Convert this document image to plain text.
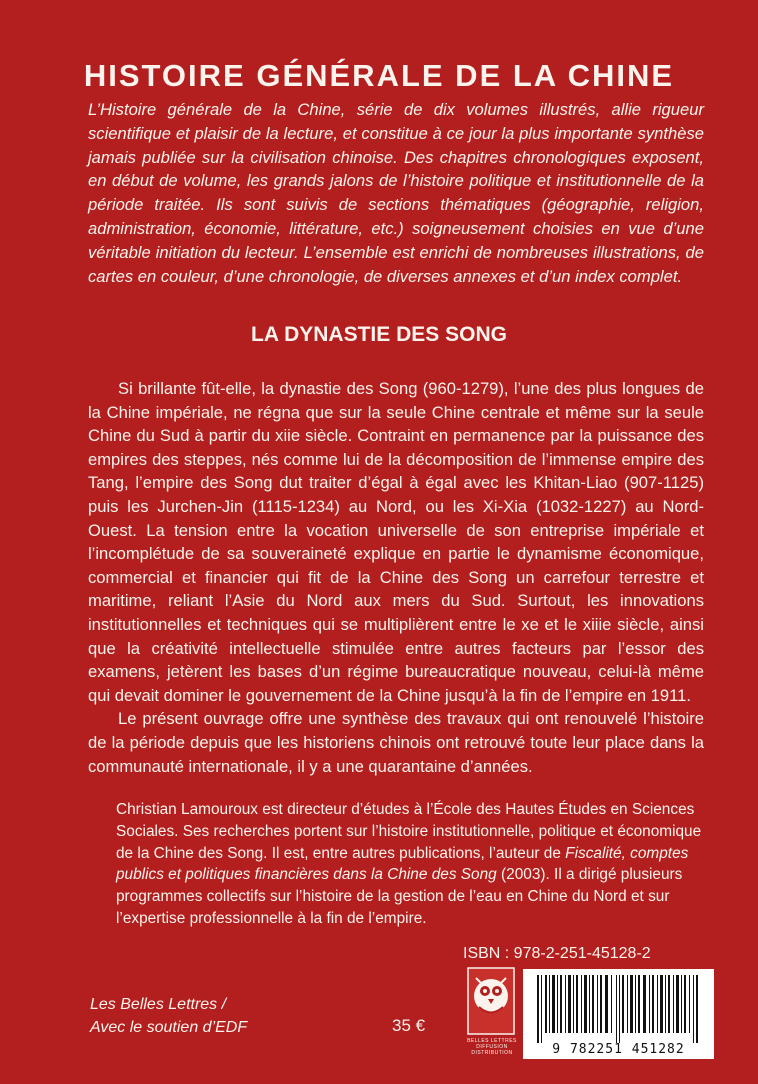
HISTOIRE GÉNÉRALE DE LA CHINE
L’Histoire générale de la Chine, série de dix volumes illustrés, allie rigueur scientifique et plaisir de la lecture, et constitue à ce jour la plus importante synthèse jamais publiée sur la civilisation chinoise. Des chapitres chronologiques exposent, en début de volume, les grands jalons de l’histoire politique et institutionnelle de la période traitée. Ils sont suivis de sections thématiques (géographie, religion, administration, économie, littérature, etc.) soigneusement choisies en vue d’une véritable initiation du lecteur. L’ensemble est enrichi de nombreuses illustrations, de cartes en couleur, d’une chronologie, de diverses annexes et d’un index complet.
LA DYNASTIE DES SONG

Si brillante fût-elle, la dynastie des Song (960-1279), l’une des plus longues de la Chine impériale, ne régna que sur la seule Chine centrale et même sur la seule Chine du Sud à partir du xiie siècle. Contraint en permanence par la puissance des empires des steppes, nés comme lui de la décomposition de l’immense empire des Tang, l’empire des Song dut traiter d’égal à égal avec les Khitan-Liao (907-1125) puis les Jurchen-Jin (1115-1234) au Nord, ou les Xi-Xia (1032-1227) au Nord-Ouest. La tension entre la vocation universelle de son entreprise impériale et l’incomplétude de sa souveraineté explique en partie le dynamisme économique, commercial et financier qui fit de la Chine des Song un carrefour terrestre et maritime, reliant l’Asie du Nord aux mers du Sud. Surtout, les innovations institutionnelles et techniques qui se multiplièrent entre le xe et le xiiie siècle, ainsi que la créativité intellectuelle stimulée entre autres facteurs par l’essor des examens, jetèrent les bases d’un régime bureaucratique nouveau, celui-là même qui devait dominer le gouvernement de la Chine jusqu’à la fin de l’empire en 1911.

Le présent ouvrage offre une synthèse des travaux qui ont renouvelé l’histoire de la période depuis que les historiens chinois ont retrouvé toute leur place dans la communauté internationale, il y a une quarantaine d’années.

Christian Lamouroux est directeur d’études à l’École des Hautes Études en Sciences Sociales. Ses recherches portent sur l’histoire institutionnelle, politique et économique de la Chine des Song. Il est, entre autres publications, l’auteur de Fiscalité, comptes publics et politiques financières dans la Chine des Song (2003). Il a dirigé plusieurs programmes collectifs sur l’histoire de la gestion de l’eau en Chine du Nord et sur l’expertise professionnelle à la fin de l’empire.
ISBN : 978-2-251-45128-2
BELLES LETTRES DIFFUSION DISTRIBUTION	9 782251 451282
Les Belles Lettres /
Avec le soutien d’EDF	35 €
